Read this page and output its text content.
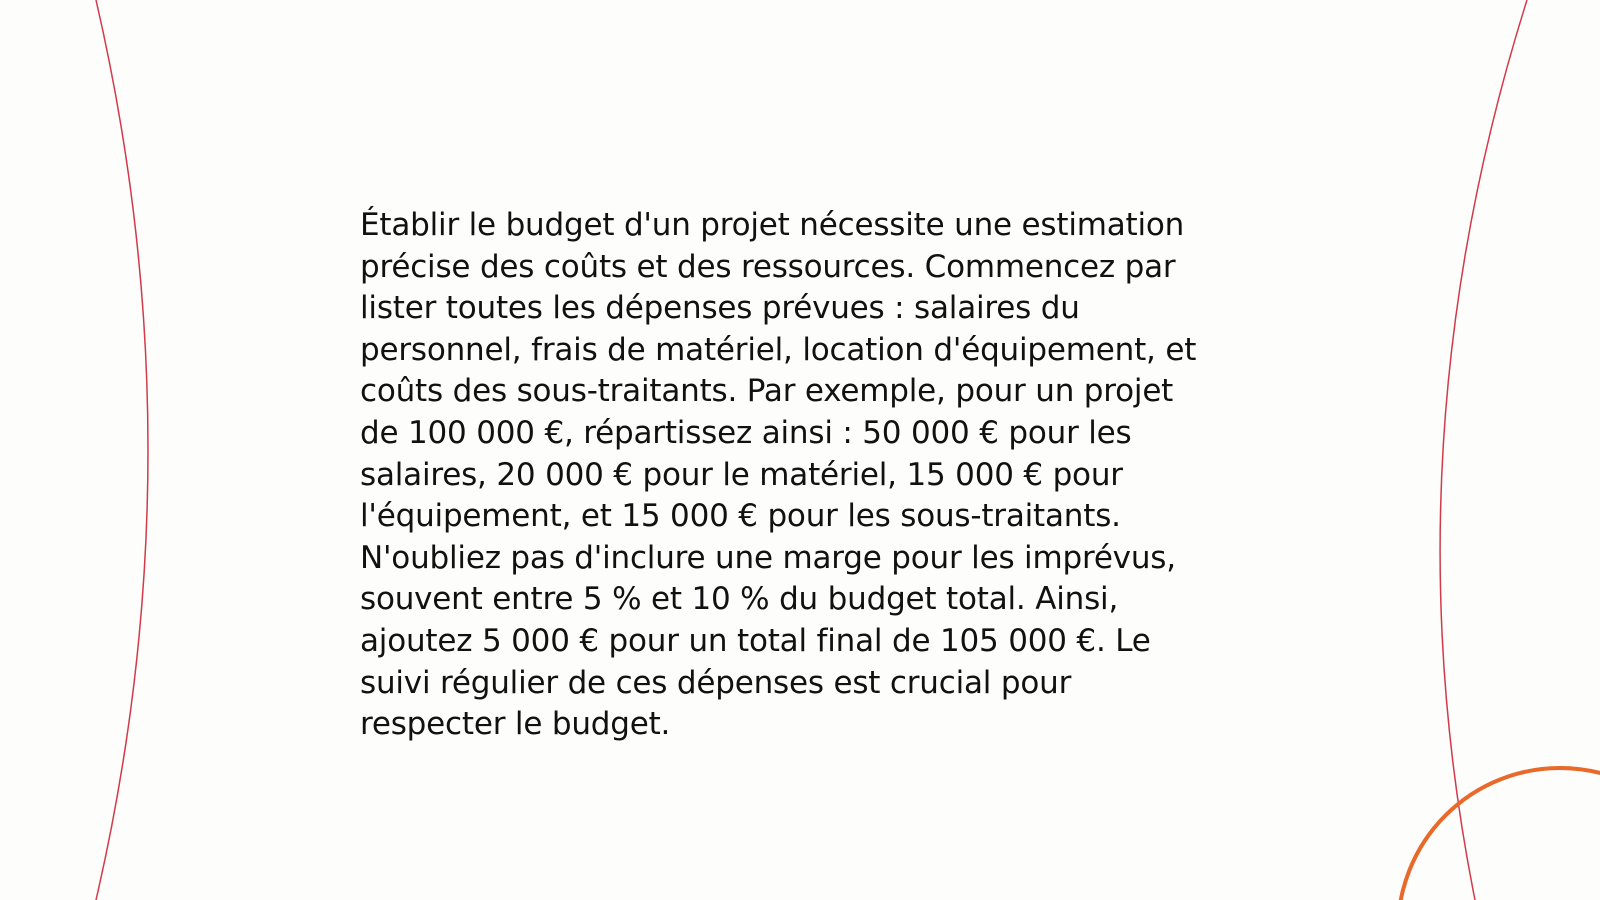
Établir le budget d'un projet nécessite une estimation
précise des coûts et des ressources. Commencez par
lister toutes les dépenses prévues : salaires du
personnel, frais de matériel, location d'équipement, et
coûts des sous-traitants. Par exemple, pour un projet
de 100 000 €, répartissez ainsi : 50 000 € pour les
salaires, 20 000 € pour le matériel, 15 000 € pour
l'équipement, et 15 000 € pour les sous-traitants.
N'oubliez pas d'inclure une marge pour les imprévus,
souvent entre 5 % et 10 % du budget total. Ainsi,
ajoutez 5 000 € pour un total final de 105 000 €. Le
suivi régulier de ces dépenses est crucial pour
respecter le budget.
